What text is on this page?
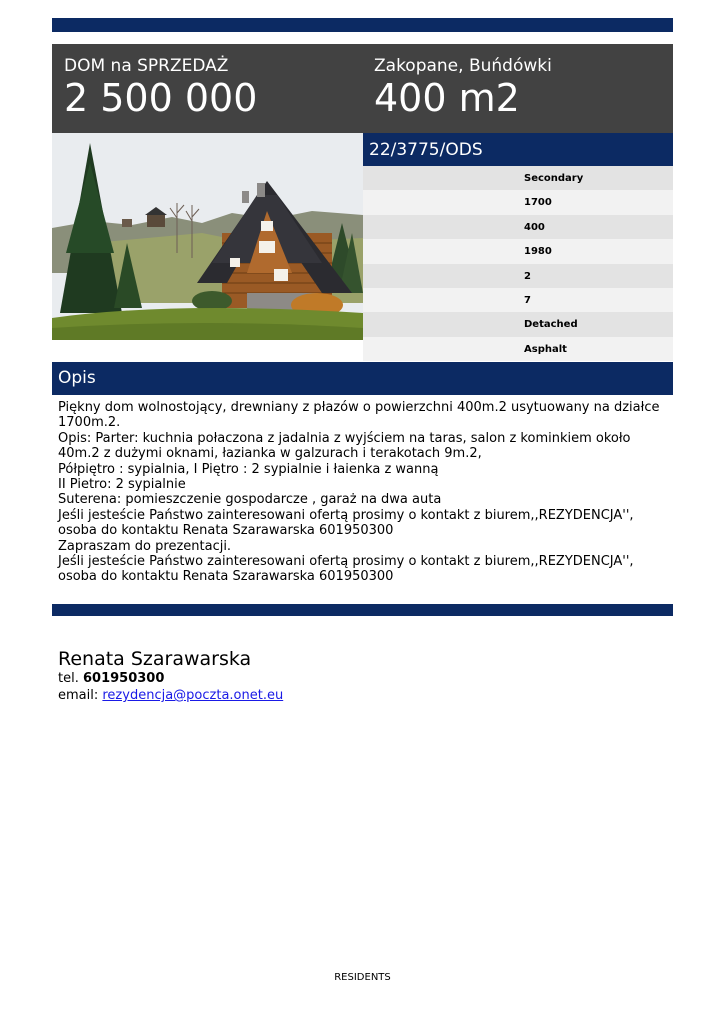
DOM na SPRZEDAŻ
2 500 000
Zakopane, Buńdówki
400 m2
22/3775/ODS
Secondary
1700
400
1980
2
7
Detached
Asphalt
Opis
Piękny dom wolnostojący, drewniany z płazów o powierzchni 400m.2 usytuowany na działce 1700m.2.
Opis: Parter: kuchnia połaczona z jadalnia z wyjściem na taras, salon z kominkiem około 40m.2 z dużymi oknami, łazianka w galzurach i terakotach 9m.2,
Półpiętro : sypialnia, I Piętro : 2 sypialnie i łaienka z wanną
II Pietro: 2 sypialnie
Suterena: pomieszczenie gospodarcze , garaż na dwa auta
Jeśli jesteście Państwo zainteresowani ofertą prosimy o kontakt z biurem,,REZYDENCJA'', osoba do kontaktu Renata Szarawarska 601950300
Zapraszam do prezentacji.
Jeśli jesteście Państwo zainteresowani ofertą prosimy o kontakt z biurem,,REZYDENCJA'', osoba do kontaktu Renata Szarawarska 601950300
Renata Szarawarska
tel. 601950300
email: rezydencja@poczta.onet.eu
RESIDENTS
